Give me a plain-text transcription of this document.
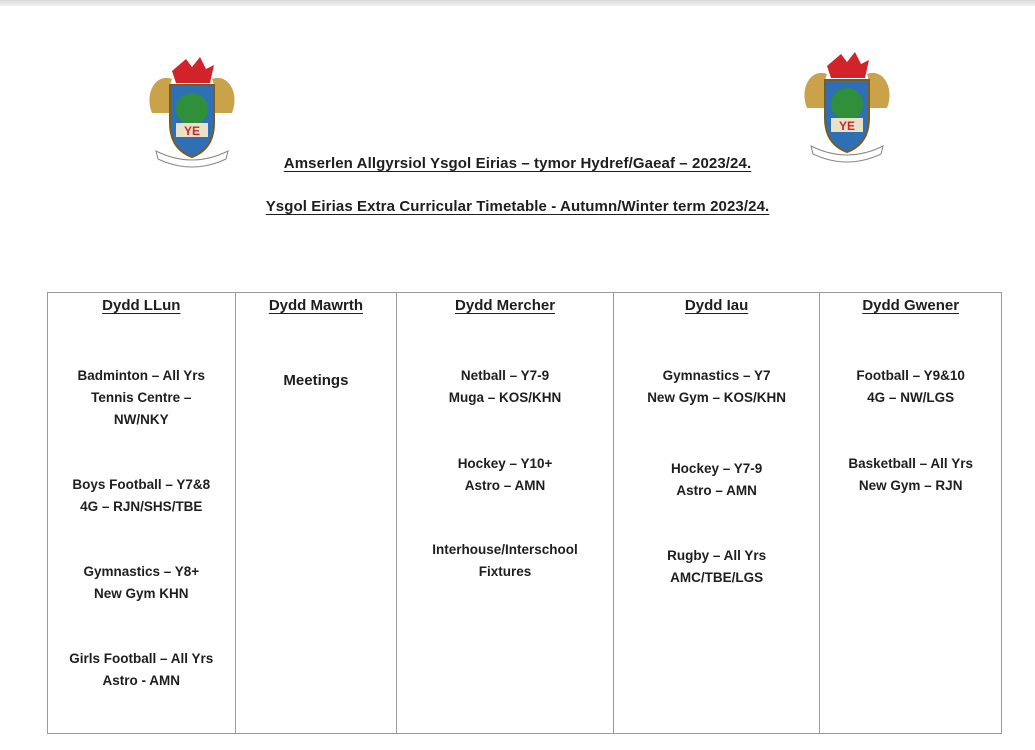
YE	YE
Amserlen Allgyrsiol Ysgol Eirias – tymor Hydref/Gaeaf – 2023/24.
Ysgol Eirias Extra Curricular Timetable - Autumn/Winter term 2023/24.
Dydd LLun
Badminton – All Yrs
Tennis Centre –
NW/NKY
Boys Football – Y7&8
4G – RJN/SHS/TBE
Gymnastics – Y8+
New Gym KHN
Girls Football – All Yrs
Astro - AMN
Dydd Mawrth
Meetings
Dydd Mercher
Netball – Y7-9
Muga – KOS/KHN
Hockey – Y10+
Astro – AMN
Interhouse/Interschool
Fixtures
Dydd Iau
Gymnastics – Y7
New Gym – KOS/KHN
Hockey – Y7-9
Astro – AMN
Rugby – All Yrs
AMC/TBE/LGS
Dydd Gwener
Football – Y9&10
4G – NW/LGS
Basketball – All Yrs
New Gym – RJN
